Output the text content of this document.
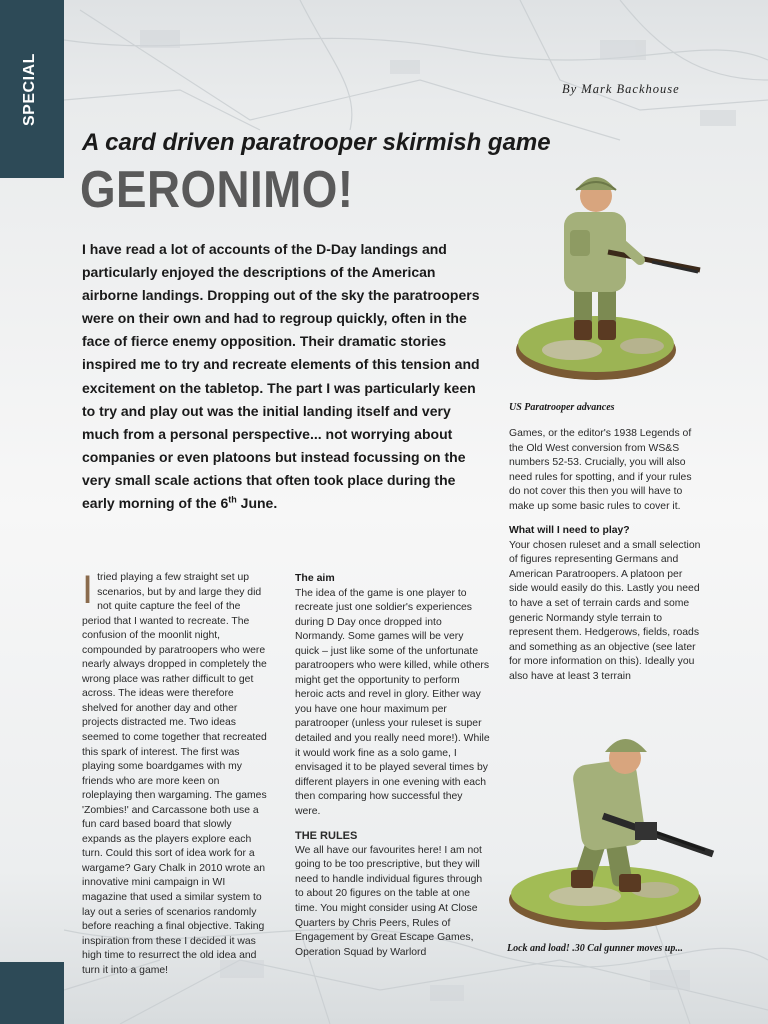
SPECIAL	By Mark Backhouse
A card driven paratrooper skirmish game
GERONIMO!
I have read a lot of accounts of the D-Day landings and particularly enjoyed the descriptions of the American airborne landings. Dropping out of the sky the paratroopers were on their own and had to regroup quickly, often in the face of fierce enemy opposition. Their dramatic stories inspired me to try and recreate elements of this tension and excitement on the tabletop. The part I was particularly keen to try and play out was the initial landing itself and very much from a personal perspective... not worrying about companies or even platoons but instead focussing on the very small scale actions that often took place during the early morning of the 6th June.
US Paratrooper advances
Lock and load! .30 Cal gunner moves up...
I tried playing a few straight set up scenarios, but by and large they did not quite capture the feel of the period that I wanted to recreate. The confusion of the moonlit night, compounded by paratroopers who were nearly always dropped in completely the wrong place was rather difficult to get across. The ideas were therefore shelved for another day and other projects distracted me. Two ideas seemed to come together that recreated this spark of interest. The first was playing some boardgames with my friends who are more keen on roleplaying then wargaming. The games 'Zombies!' and Carcassone both use a fun card based board that slowly expands as the players explore each turn. Could this sort of idea work for a wargame? Gary Chalk in 2010 wrote an innovative mini campaign in WI magazine that used a similar system to lay out a series of scenarios randomly before reaching a final objective. Taking inspiration from these I decided it was high time to resurrect the old idea and turn it into a game!
The aim
The idea of the game is one player to recreate just one soldier's experiences during D Day once dropped into Normandy. Some games will be very quick – just like some of the unfortunate paratroopers who were killed, while others might get the opportunity to perform heroic acts and revel in glory. Either way you have one hour maximum per paratrooper (unless your ruleset is super detailed and you really need more!). While it would work fine as a solo game, I envisaged it to be played several times by different players in one evening with each then comparing how successful they were.
THE RULES
We all have our favourites here! I am not going to be too prescriptive, but they will need to handle individual figures through to about 20 figures on the table at one time. You might consider using At Close Quarters by Chris Peers, Rules of Engagement by Great Escape Games, Operation Squad by Warlord
Games, or the editor's 1938 Legends of the Old West conversion from WS&S numbers 52-53. Crucially, you will also need rules for spotting, and if your rules do not cover this then you will have to make up some basic rules to cover it.
What will I need to play?
Your chosen ruleset and a small selection of figures representing Germans and American Paratroopers. A platoon per side would easily do this. Lastly you need to have a set of terrain cards and some generic Normandy style terrain to represent them. Hedgerows, fields, roads and something as an objective (see later for more information on this). Ideally you also have at least 3 terrain
